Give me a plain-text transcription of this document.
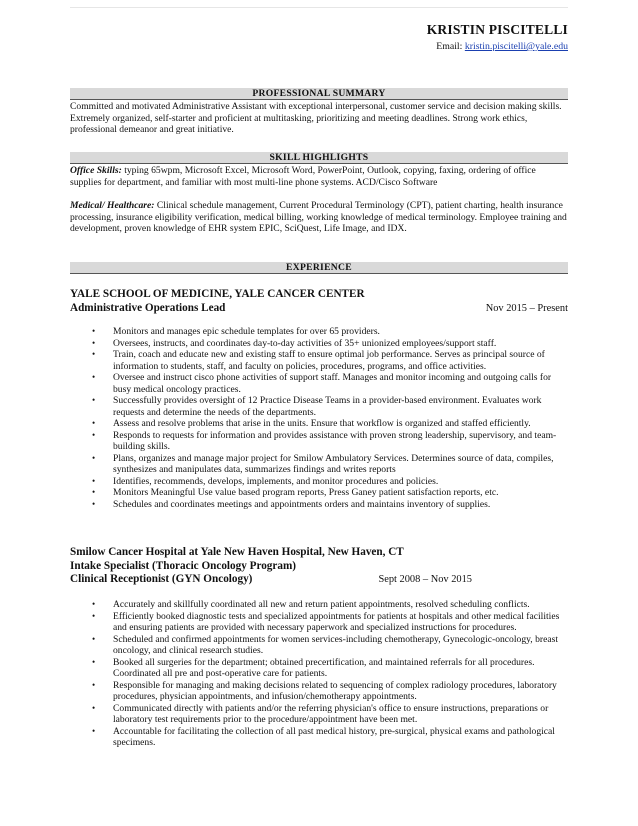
KRISTIN PISCITELLI
Email: kristin.piscitelli@yale.edu
PROFESSIONAL SUMMARY

Committed and motivated Administrative Assistant with exceptional interpersonal, customer service and decision making skills. Extremely organized, self-starter and proficient at multitasking, prioritizing and meeting deadlines. Strong work ethics, professional demeanor and great initiative.

SKILL HIGHLIGHTS

Office Skills: typing 65wpm, Microsoft Excel, Microsoft Word, PowerPoint, Outlook, copying, faxing, ordering of office supplies for department, and familiar with most multi-line phone systems. ACD/Cisco Software

Medical/ Healthcare: Clinical schedule management, Current Procedural Terminology (CPT), patient charting, health insurance processing, insurance eligibility verification, medical billing, working knowledge of medical terminology. Employee training and development, proven knowledge of EHR system EPIC, SciQuest, Life Image, and IDX.

EXPERIENCE
YALE SCHOOL OF MEDICINE, YALE CANCER CENTER
Administrative Operations Lead	Nov 2015 – Present
• Monitors and manages epic schedule templates for over 65 providers.
• Oversees, instructs, and coordinates day-to-day activities of 35+ unionized employees/support staff.
• Train, coach and educate new and existing staff to ensure optimal job performance. Serves as principal source of information to students, staff, and faculty on policies, procedures, programs, and office activities.
• Oversee and instruct cisco phone activities of support staff. Manages and monitor incoming and outgoing calls for busy medical oncology practices.
• Successfully provides oversight of 12 Practice Disease Teams in a provider-based environment. Evaluates work requests and determine the needs of the departments.
• Assess and resolve problems that arise in the units. Ensure that workflow is organized and staffed efficiently.
• Responds to requests for information and provides assistance with proven strong leadership, supervisory, and team-building skills.
• Plans, organizes and manage major project for Smilow Ambulatory Services. Determines source of data, compiles, synthesizes and manipulates data, summarizes findings and writes reports
• Identifies, recommends, develops, implements, and monitor procedures and policies.
• Monitors Meaningful Use value based program reports, Press Ganey patient satisfaction reports, etc.
• Schedules and coordinates meetings and appointments orders and maintains inventory of supplies.
Smilow Cancer Hospital at Yale New Haven Hospital, New Haven, CT
Intake Specialist (Thoracic Oncology Program)
Clinical Receptionist (GYN Oncology)	Sept 2008 – Nov 2015
• Accurately and skillfully coordinated all new and return patient appointments, resolved scheduling conflicts.
• Efficiently booked diagnostic tests and specialized appointments for patients at hospitals and other medical facilities and ensuring patients are provided with necessary paperwork and specialized instructions for procedures.
• Scheduled and confirmed appointments for women services-including chemotherapy, Gynecologic-oncology, breast oncology, and clinical research studies.
• Booked all surgeries for the department; obtained precertification, and maintained referrals for all procedures. Coordinated all pre and post-operative care for patients.
• Responsible for managing and making decisions related to sequencing of complex radiology procedures, laboratory procedures, physician appointments, and infusion/chemotherapy appointments.
• Communicated directly with patients and/or the referring physician's office to ensure instructions, preparations or laboratory test requirements prior to the procedure/appointment have been met.
• Accountable for facilitating the collection of all past medical history, pre-surgical, physical exams and pathological specimens.
